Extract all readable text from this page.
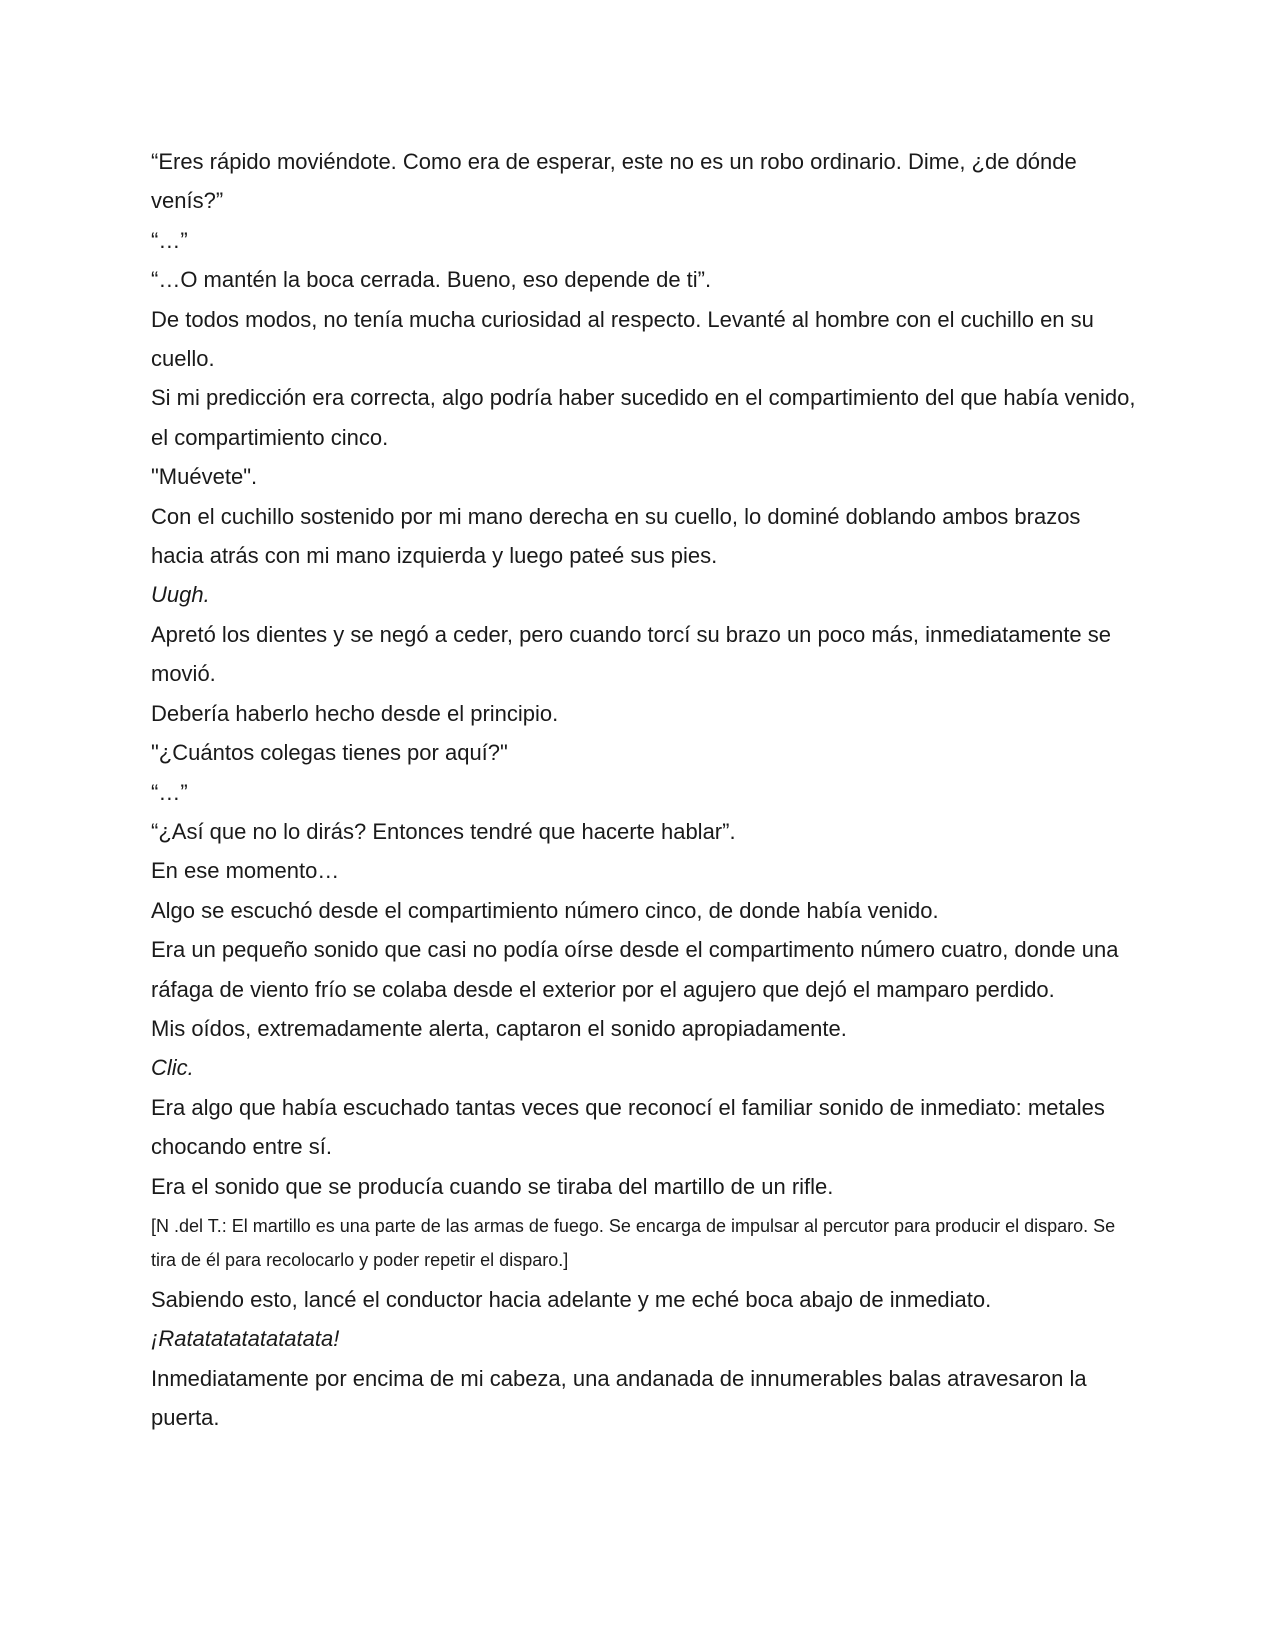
“Eres rápido moviéndote. Como era de esperar, este no es un robo ordinario. Dime, ¿de dónde venís?”

“…”

“…O mantén la boca cerrada. Bueno, eso depende de ti”.

De todos modos, no tenía mucha curiosidad al respecto. Levanté al hombre con el cuchillo en su cuello.

Si mi predicción era correcta, algo podría haber sucedido en el compartimiento del que había venido, el compartimiento cinco.

"Muévete".

Con el cuchillo sostenido por mi mano derecha en su cuello, lo dominé doblando ambos brazos hacia atrás con mi mano izquierda y luego pateé sus pies.

Uugh.

Apretó los dientes y se negó a ceder, pero cuando torcí su brazo un poco más, inmediatamente se movió.

Debería haberlo hecho desde el principio.

"¿Cuántos colegas tienes por aquí?"

“…”

“¿Así que no lo dirás? Entonces tendré que hacerte hablar”.

En ese momento…

Algo se escuchó desde el compartimiento número cinco, de donde había venido.

Era un pequeño sonido que casi no podía oírse desde el compartimento número cuatro, donde una ráfaga de viento frío se colaba desde el exterior por el agujero que dejó el mamparo perdido.

Mis oídos, extremadamente alerta, captaron el sonido apropiadamente.

Clic.

Era algo que había escuchado tantas veces que reconocí el familiar sonido de inmediato: metales chocando entre sí.

Era el sonido que se producía cuando se tiraba del martillo de un rifle.

[N .del T.: El martillo es una parte de las armas de fuego. Se encarga de impulsar al percutor para producir el disparo. Se tira de él para recolocarlo y poder repetir el disparo.]

Sabiendo esto, lancé el conductor hacia adelante y me eché boca abajo de inmediato.

¡Ratatatatatatatata!

Inmediatamente por encima de mi cabeza, una andanada de innumerables balas atravesaron la puerta.
